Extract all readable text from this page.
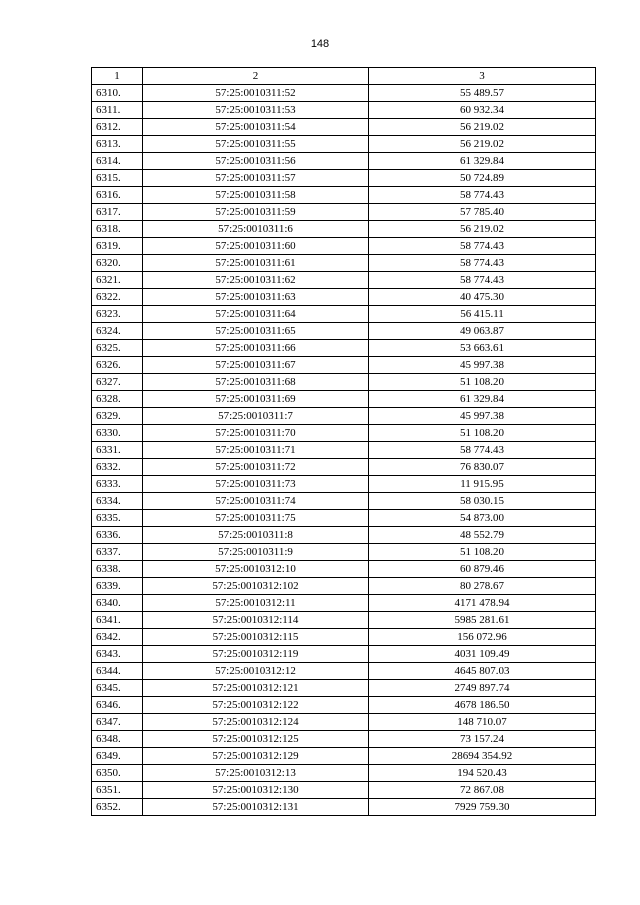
148
1	2	3
6310.	57:25:0010311:52	55 489.57
6311.	57:25:0010311:53	60 932.34
6312.	57:25:0010311:54	56 219.02
6313.	57:25:0010311:55	56 219.02
6314.	57:25:0010311:56	61 329.84
6315.	57:25:0010311:57	50 724.89
6316.	57:25:0010311:58	58 774.43
6317.	57:25:0010311:59	57 785.40
6318.	57:25:0010311:6	56 219.02
6319.	57:25:0010311:60	58 774.43
6320.	57:25:0010311:61	58 774.43
6321.	57:25:0010311:62	58 774.43
6322.	57:25:0010311:63	40 475.30
6323.	57:25:0010311:64	56 415.11
6324.	57:25:0010311:65	49 063.87
6325.	57:25:0010311:66	53 663.61
6326.	57:25:0010311:67	45 997.38
6327.	57:25:0010311:68	51 108.20
6328.	57:25:0010311:69	61 329.84
6329.	57:25:0010311:7	45 997.38
6330.	57:25:0010311:70	51 108.20
6331.	57:25:0010311:71	58 774.43
6332.	57:25:0010311:72	76 830.07
6333.	57:25:0010311:73	11 915.95
6334.	57:25:0010311:74	58 030.15
6335.	57:25:0010311:75	54 873.00
6336.	57:25:0010311:8	48 552.79
6337.	57:25:0010311:9	51 108.20
6338.	57:25:0010312:10	60 879.46
6339.	57:25:0010312:102	80 278.67
6340.	57:25:0010312:11	4171 478.94
6341.	57:25:0010312:114	5985 281.61
6342.	57:25:0010312:115	156 072.96
6343.	57:25:0010312:119	4031 109.49
6344.	57:25:0010312:12	4645 807.03
6345.	57:25:0010312:121	2749 897.74
6346.	57:25:0010312:122	4678 186.50
6347.	57:25:0010312:124	148 710.07
6348.	57:25:0010312:125	73 157.24
6349.	57:25:0010312:129	28694 354.92
6350.	57:25:0010312:13	194 520.43
6351.	57:25:0010312:130	72 867.08
6352.	57:25:0010312:131	7929 759.30
